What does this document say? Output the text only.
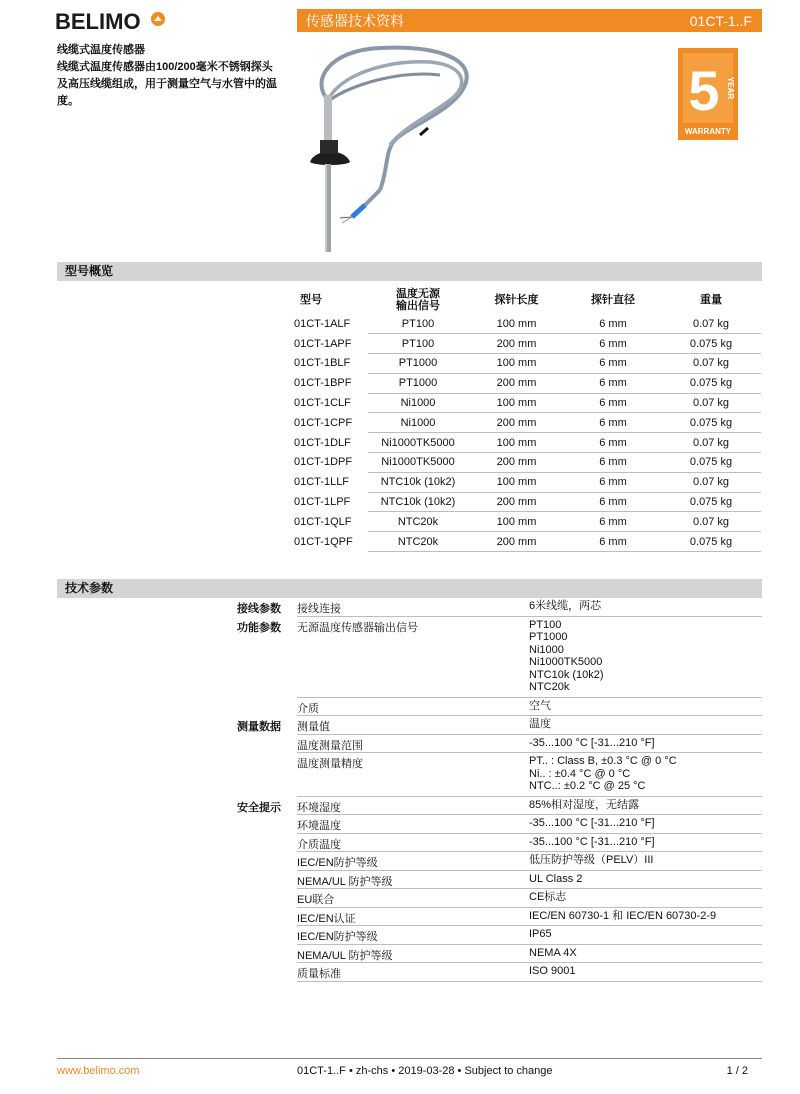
BELIMO	传感器技术资料	01CT-1..F
线缆式温度传感器
线缆式温度传感器由100/200毫米不锈钢探头及高压线缆组成，用于测量空气与水管中的温度。	5 YEAR
WARRANTY
型号概览
型号	温度无源输出信号	探针长度	探针直径	重量
01CT-1ALF	PT100	100 mm	6 mm	0.07 kg
01CT-1APF	PT100	200 mm	6 mm	0.075 kg
01CT-1BLF	PT1000	100 mm	6 mm	0.07 kg
01CT-1BPF	PT1000	200 mm	6 mm	0.075 kg
01CT-1CLF	Ni1000	100 mm	6 mm	0.07 kg
01CT-1CPF	Ni1000	200 mm	6 mm	0.075 kg
01CT-1DLF	Ni1000TK5000	100 mm	6 mm	0.07 kg
01CT-1DPF	Ni1000TK5000	200 mm	6 mm	0.075 kg
01CT-1LLF	NTC10k (10k2)	100 mm	6 mm	0.07 kg
01CT-1LPF	NTC10k (10k2)	200 mm	6 mm	0.075 kg
01CT-1QLF	NTC20k	100 mm	6 mm	0.07 kg
01CT-1QPF	NTC20k	200 mm	6 mm	0.075 kg
技术参数
接线参数 接线连接	6米线缆，两芯
功能参数 无源温度传感器输出信号	PT100
PT1000
Ni1000
Ni1000TK5000
NTC10k (10k2)
NTC20k
介质	空气
测量数据 测量值	温度
温度测量范围	-35...100 °C [-31...210 °F]
温度测量精度	PT.. : Class B, ±0.3 °C @ 0 °C
Ni.. : ±0.4 °C @ 0 °C
NTC..: ±0.2 °C @ 25 °C
安全提示 环境湿度	85%相对湿度，无结露
环境温度	-35...100 °C [-31...210 °F]
介质温度	-35...100 °C [-31...210 °F]
IEC/EN防护等级	低压防护等级（PELV）III
NEMA/UL 防护等级	UL Class 2
EU联合	CE标志
IEC/EN认证	IEC/EN 60730-1 和 IEC/EN 60730-2-9
IEC/EN防护等级	IP65
NEMA/UL 防护等级	NEMA 4X
质量标准	ISO 9001
www.belimo.com	01CT-1..F • zh-chs • 2019-03-28 • Subject to change	1 / 2
